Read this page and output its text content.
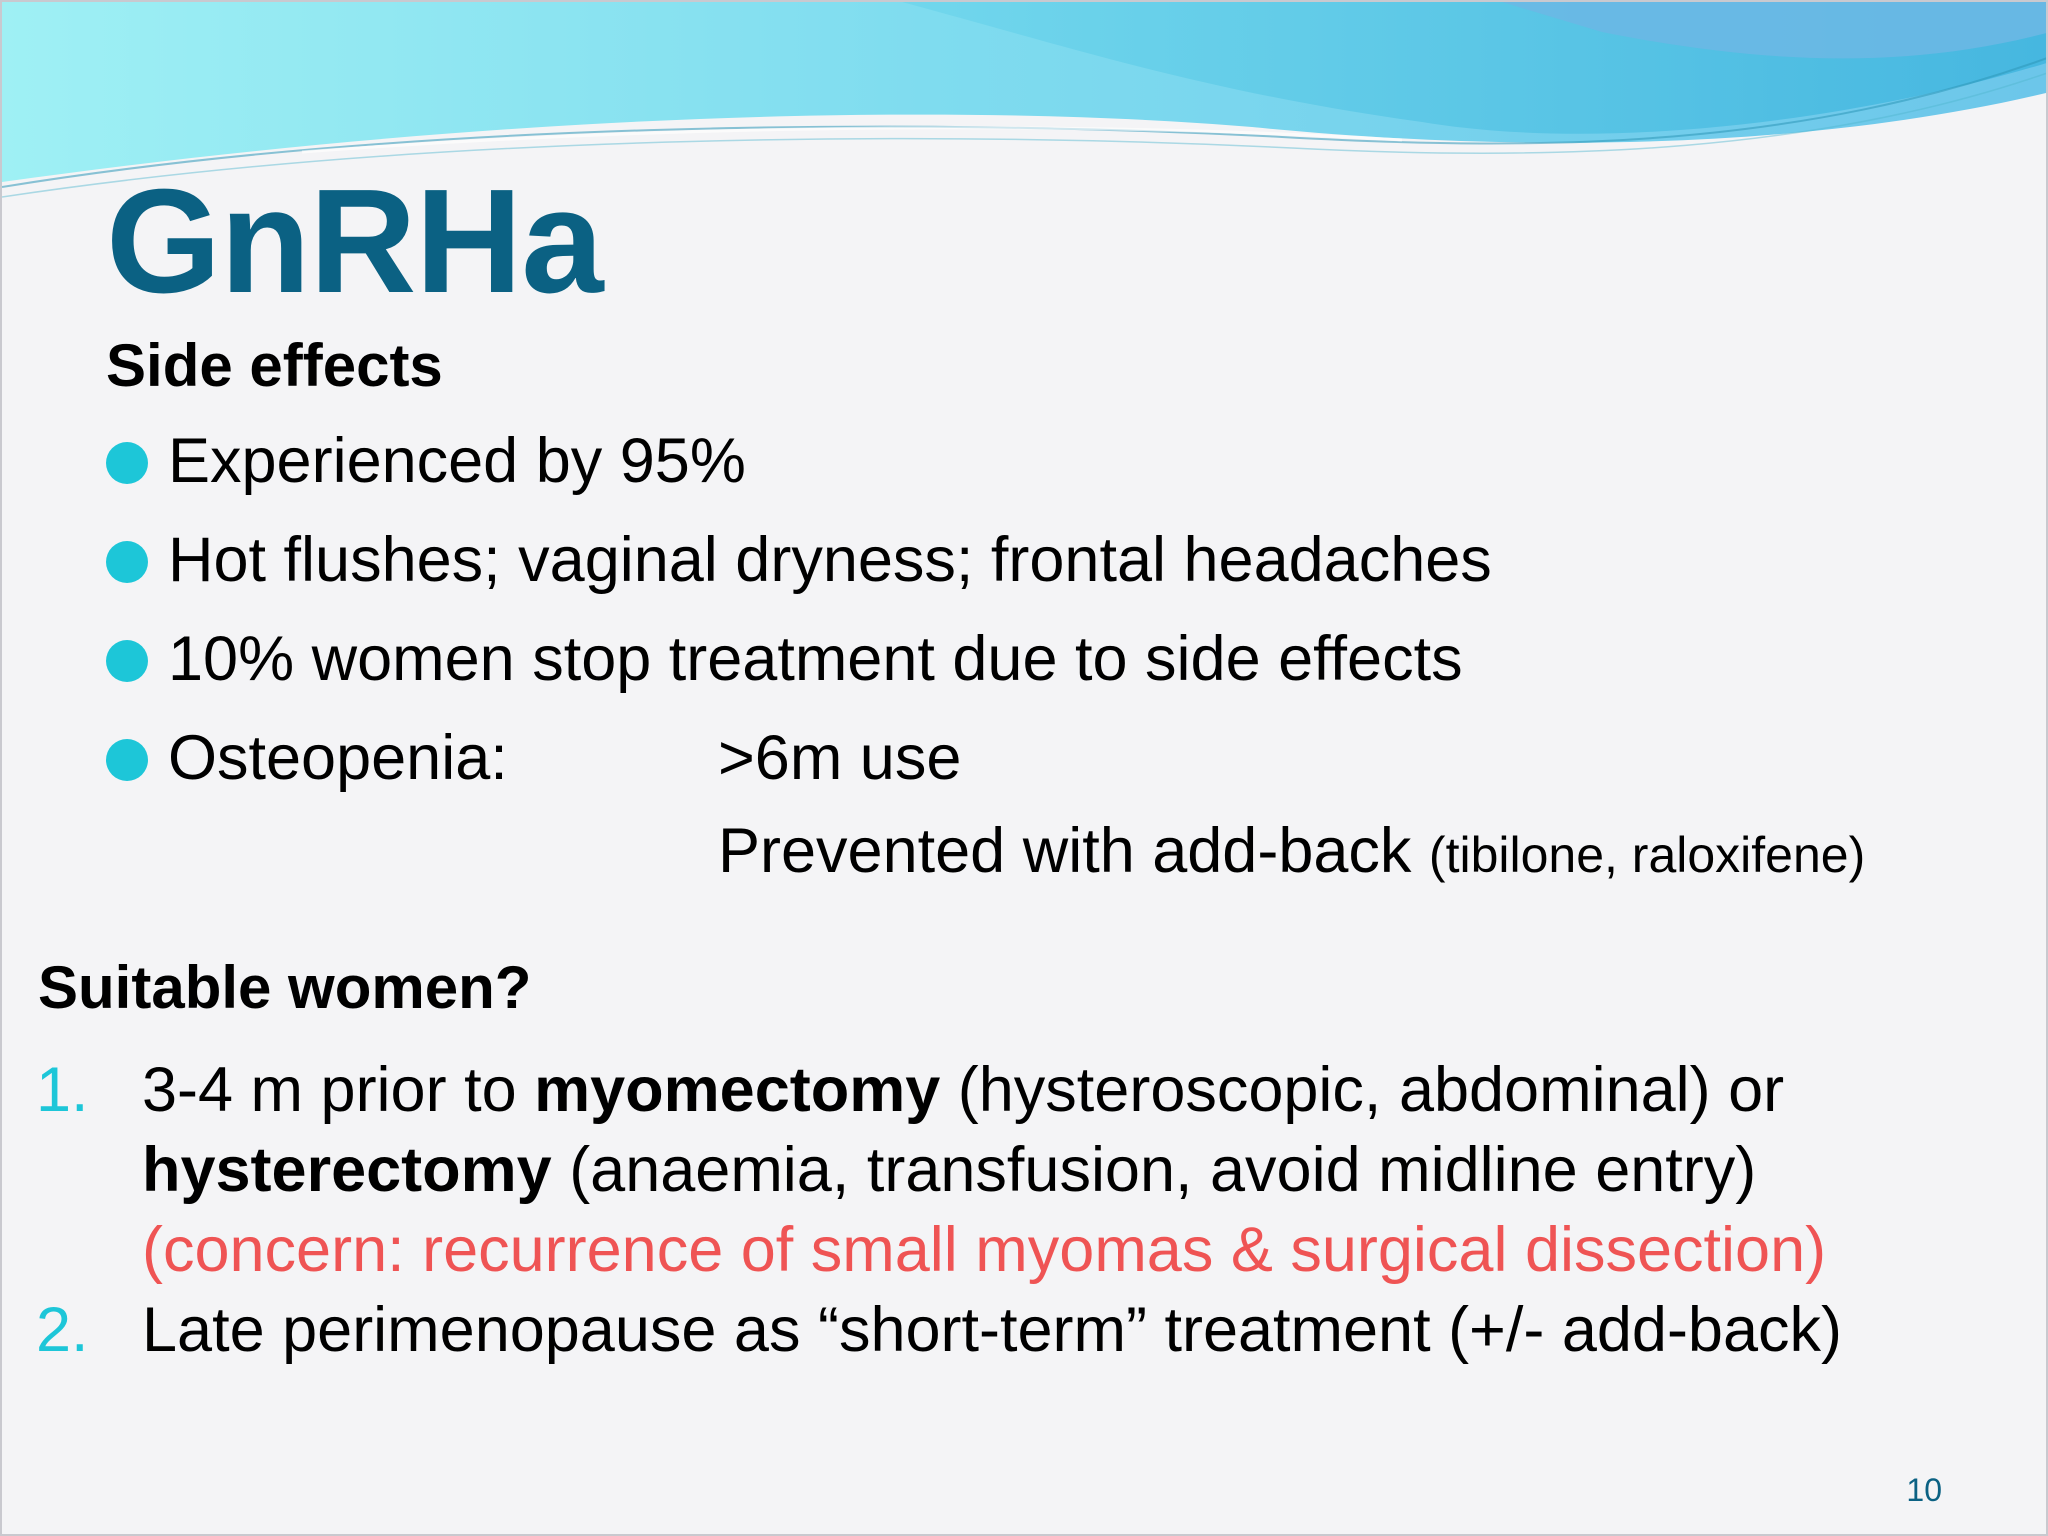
GnRHa
Side effects
Experienced by 95%
Hot flushes; vaginal dryness; frontal headaches
10% women stop treatment due to side effects
Osteopenia:	>6m use
Prevented with add-back (tibilone, raloxifene)
Suitable women?
1. 3-4 m prior to myomectomy (hysteroscopic, abdominal) or
hysterectomy (anaemia, transfusion, avoid midline entry)
(concern: recurrence of small myomas & surgical dissection)
2. Late perimenopause as “short-term” treatment (+/- add-back)
10
